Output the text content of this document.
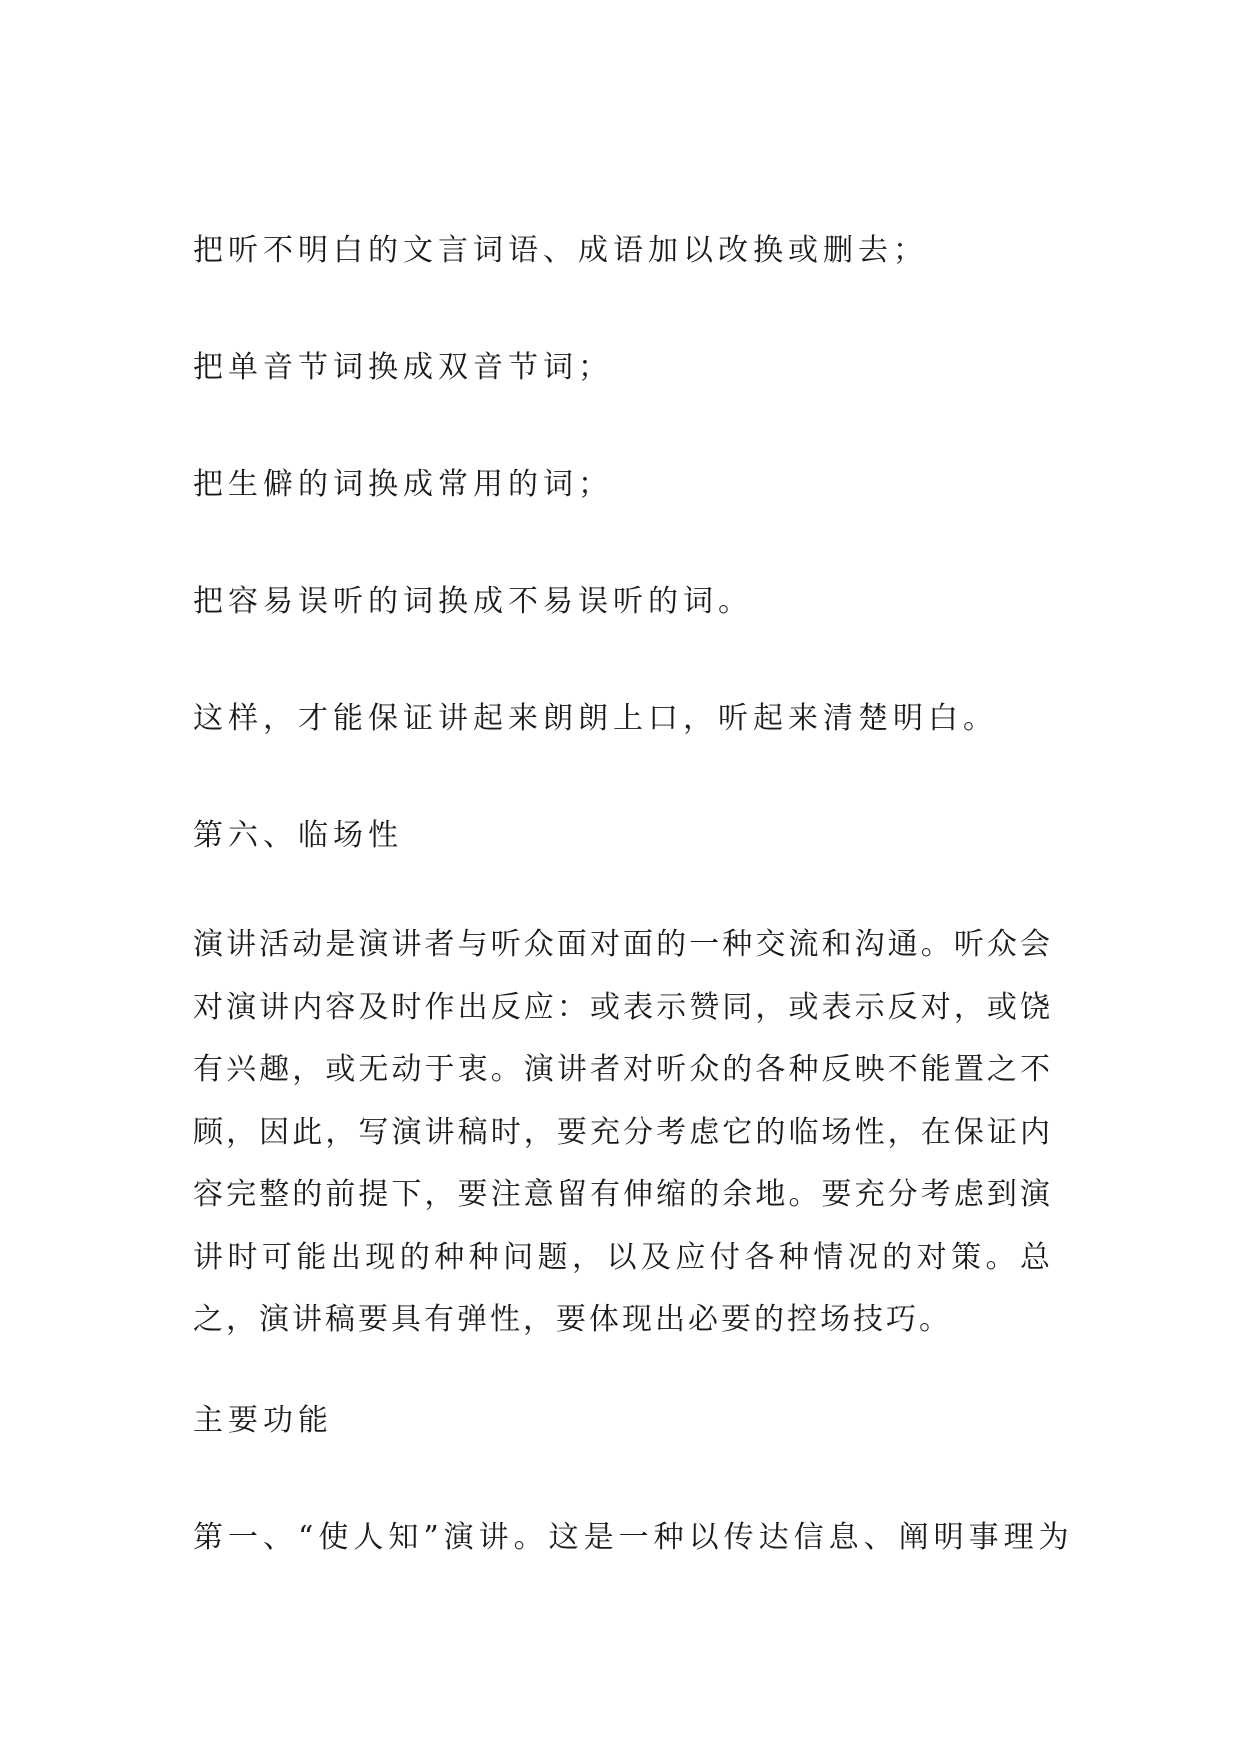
把听不明白的文言词语、成语加以改换或删去；
把单音节词换成双音节词；
把生僻的词换成常用的词；
把容易误听的词换成不易误听的词。
这样，才能保证讲起来朗朗上口，听起来清楚明白。
第六、临场性
演讲活动是演讲者与听众面对面的一种交流和沟通。听众会对演讲内容及时作出反应：或表示赞同，或表示反对，或饶有兴趣，或无动于衷。演讲者对听众的各种反映不能置之不顾，因此，写演讲稿时，要充分考虑它的临场性，在保证内容完整的前提下，要注意留有伸缩的余地。要充分考虑到演讲时可能出现的种种问题，以及应付各种情况的对策。总之，演讲稿要具有弹性，要体现出必要的控场技巧。
主要功能
第一、“使人知”演讲。这是一种以传达信息、阐明事理为
